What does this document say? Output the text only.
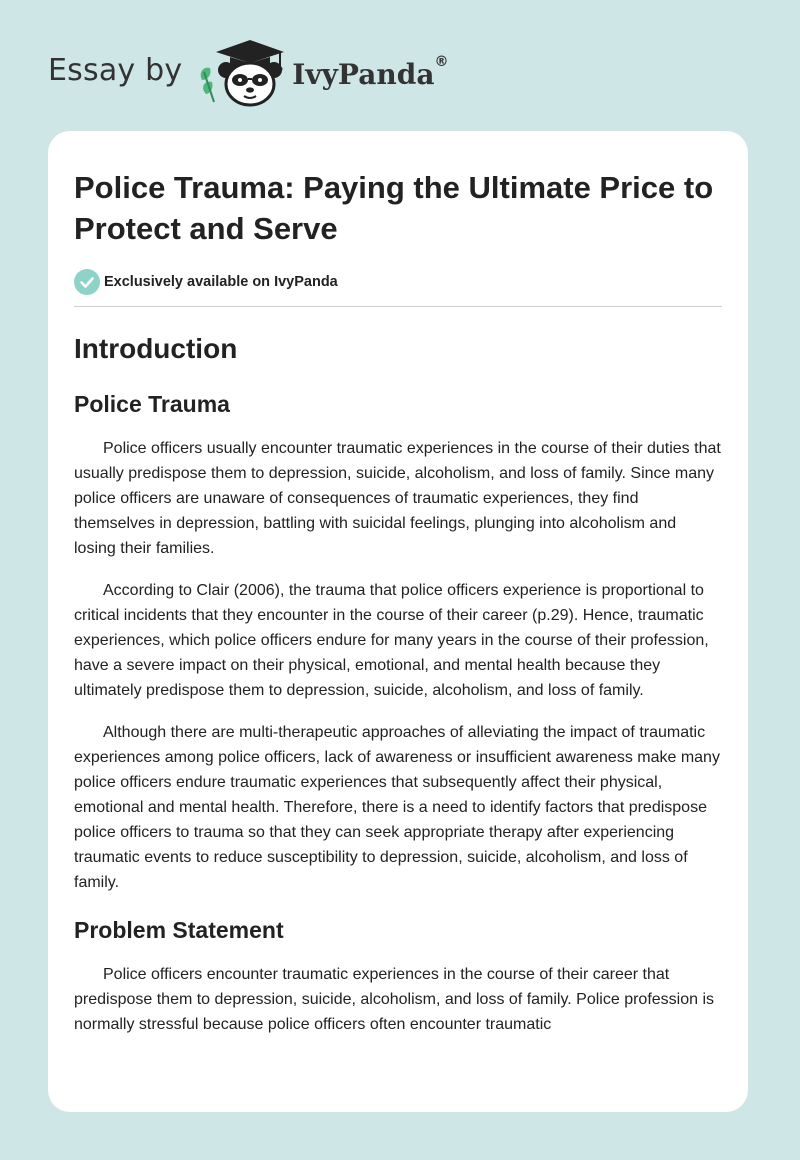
Essay by	IvyPanda®
Police Trauma: Paying the Ultimate Price to Protect and Serve
Exclusively available on IvyPanda
Introduction
Police Trauma

Police officers usually encounter traumatic experiences in the course of their duties that usually predispose them to depression, suicide, alcoholism, and loss of family. Since many police officers are unaware of consequences of traumatic experiences, they find themselves in depression, battling with suicidal feelings, plunging into alcoholism and losing their families.

According to Clair (2006), the trauma that police officers experience is proportional to critical incidents that they encounter in the course of their career (p.29). Hence, traumatic experiences, which police officers endure for many years in the course of their profession, have a severe impact on their physical, emotional, and mental health because they ultimately predispose them to depression, suicide, alcoholism, and loss of family.

Although there are multi-therapeutic approaches of alleviating the impact of traumatic experiences among police officers, lack of awareness or insufficient awareness make many police officers endure traumatic experiences that subsequently affect their physical, emotional and mental health. Therefore, there is a need to identify factors that predispose police officers to trauma so that they can seek appropriate therapy after experiencing traumatic events to reduce susceptibility to depression, suicide, alcoholism, and loss of family.

Problem Statement

Police officers encounter traumatic experiences in the course of their career that predispose them to depression, suicide, alcoholism, and loss of family. Police profession is normally stressful because police officers often encounter traumatic
